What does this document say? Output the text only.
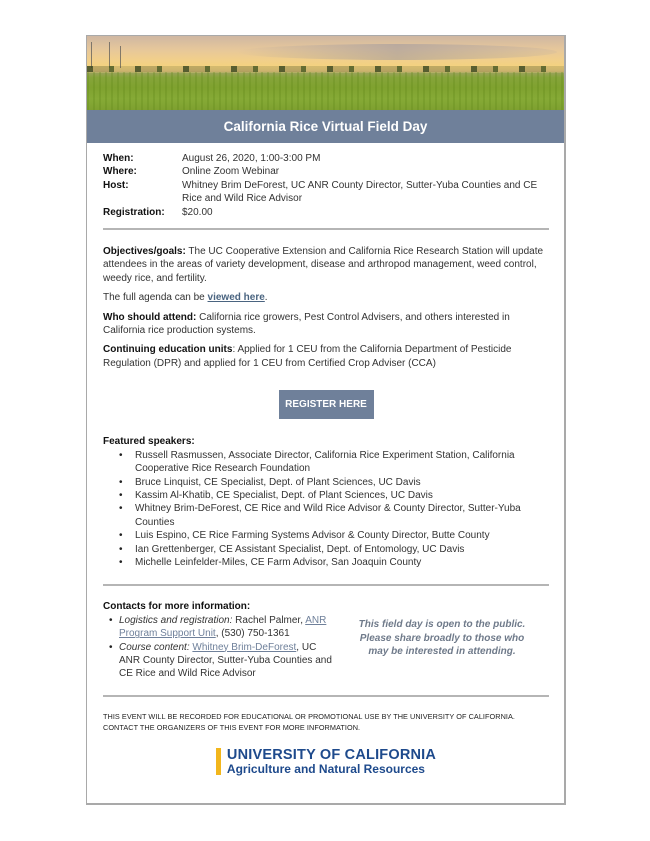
California Rice Virtual Field Day
When:	August 26, 2020, 1:00-3:00 PM
Where:	Online Zoom Webinar
Host:	Whitney Brim DeForest, UC ANR County Director, Sutter-Yuba Counties and CE Rice and Wild Rice Advisor
Registration:	$20.00

Objectives/goals: The UC Cooperative Extension and California Rice Research Station will update attendees in the areas of variety development, disease and arthropod management, weed control, weedy rice, and fertility.

The full agenda can be viewed here.

Who should attend: California rice growers, Pest Control Advisers, and others interested in California rice production systems.

Continuing education units: Applied for 1 CEU from the California Department of Pesticide Regulation (DPR) and applied for 1 CEU from Certified Crop Adviser (CCA)

REGISTER HERE
Featured speakers:
• Russell Rasmussen, Associate Director, California Rice Experiment Station, California Cooperative Rice Research Foundation
• Bruce Linquist, CE Specialist, Dept. of Plant Sciences, UC Davis
• Kassim Al-Khatib, CE Specialist, Dept. of Plant Sciences, UC Davis
• Whitney Brim-DeForest, CE Rice and Wild Rice Advisor & County Director, Sutter-Yuba Counties
• Luis Espino, CE Rice Farming Systems Advisor & County Director, Butte County
• Ian Grettenberger, CE Assistant Specialist, Dept. of Entomology, UC Davis
• Michelle Leinfelder-Miles, CE Farm Advisor, San Joaquin County
Contacts for more information:
• Logistics and registration: Rachel Palmer, ANR Program Support Unit, (530) 750-1361
• Course content: Whitney Brim-DeForest, UC ANR County Director, Sutter-Yuba Counties and CE Rice and Wild Rice Advisor
This field day is open to the public. Please share broadly to those who may be interested in attending.
THIS EVENT WILL BE RECORDED FOR EDUCATIONAL OR PROMOTIONAL USE BY THE UNIVERSITY OF CALIFORNIA. CONTACT THE ORGANIZERS OF THIS EVENT FOR MORE INFORMATION.
UNIVERSITY OF CALIFORNIA
Agriculture and Natural Resources
